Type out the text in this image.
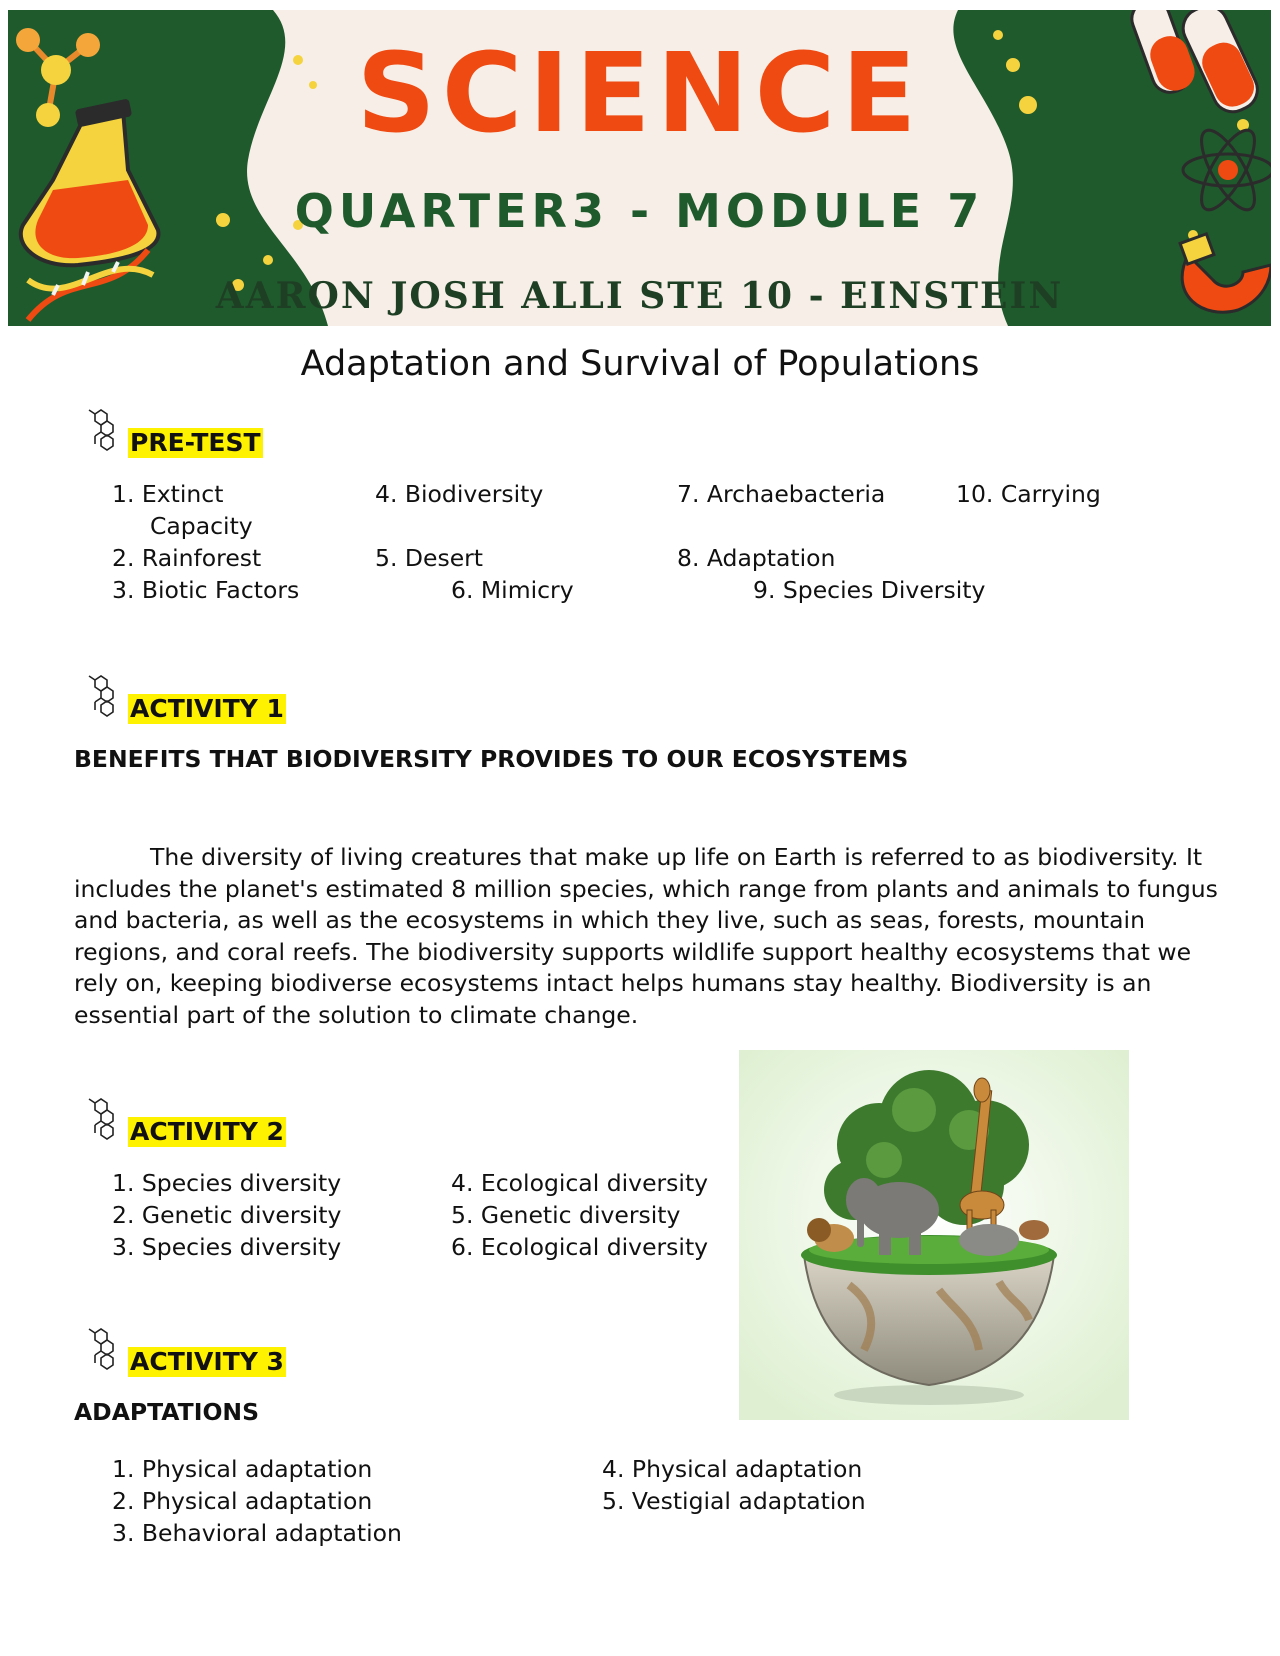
SCIENCE
QUARTER3 - MODULE 7
AARON JOSH ALLI STE 10 - EINSTEIN
Adaptation and Survival of Populations
PRE-TEST
1. Extinct
Capacity
2. Rainforest
3. Biotic Factors
4. Biodiversity
5. Desert
6. Mimicry
7. Archaebacteria
8. Adaptation
9. Species Diversity
10. Carrying
ACTIVITY 1
BENEFITS THAT BIODIVERSITY PROVIDES TO OUR ECOSYSTEMS

The diversity of living creatures that make up life on Earth is referred to as biodiversity. It includes the planet's estimated 8 million species, which range from plants and animals to fungus and bacteria, as well as the ecosystems in which they live, such as seas, forests, mountain regions, and coral reefs. The biodiversity supports wildlife support healthy ecosystems that we rely on, keeping biodiverse ecosystems intact helps humans stay healthy. Biodiversity is an essential part of the solution to climate change.

ACTIVITY 2
1. Species diversity
2. Genetic diversity
3. Species diversity
4. Ecological diversity
5. Genetic diversity
6. Ecological diversity
ACTIVITY 3
ADAPTATIONS
1. Physical adaptation
2. Physical adaptation
3. Behavioral adaptation
4. Physical adaptation
5. Vestigial adaptation
